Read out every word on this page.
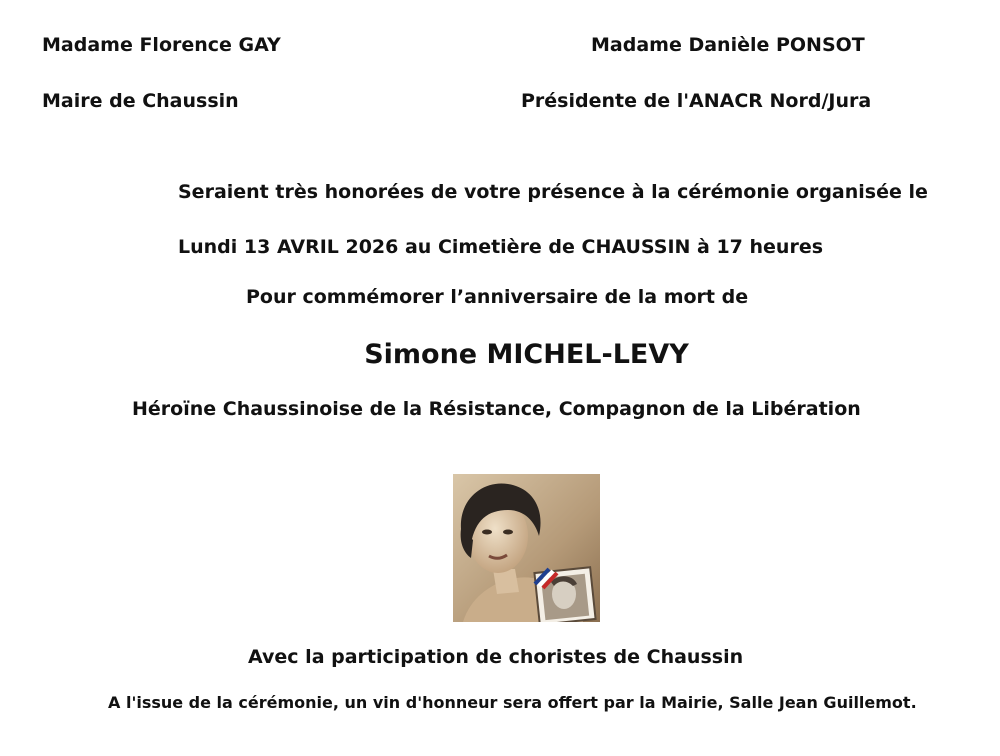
Madame Florence GAY
Maire de Chaussin
Madame Danièle PONSOT
Présidente de l'ANACR Nord/Jura
Seraient très honorées de votre présence à la cérémonie organisée le
Lundi 13 AVRIL 2026 au Cimetière de CHAUSSIN à 17 heures
Pour commémorer l’anniversaire de la mort de
Simone MICHEL-LEVY
Héroïne Chaussinoise de la Résistance, Compagnon de la Libération
Avec la participation de choristes de Chaussin
A l'issue de la cérémonie, un vin d'honneur sera offert par la Mairie, Salle Jean Guillemot.
